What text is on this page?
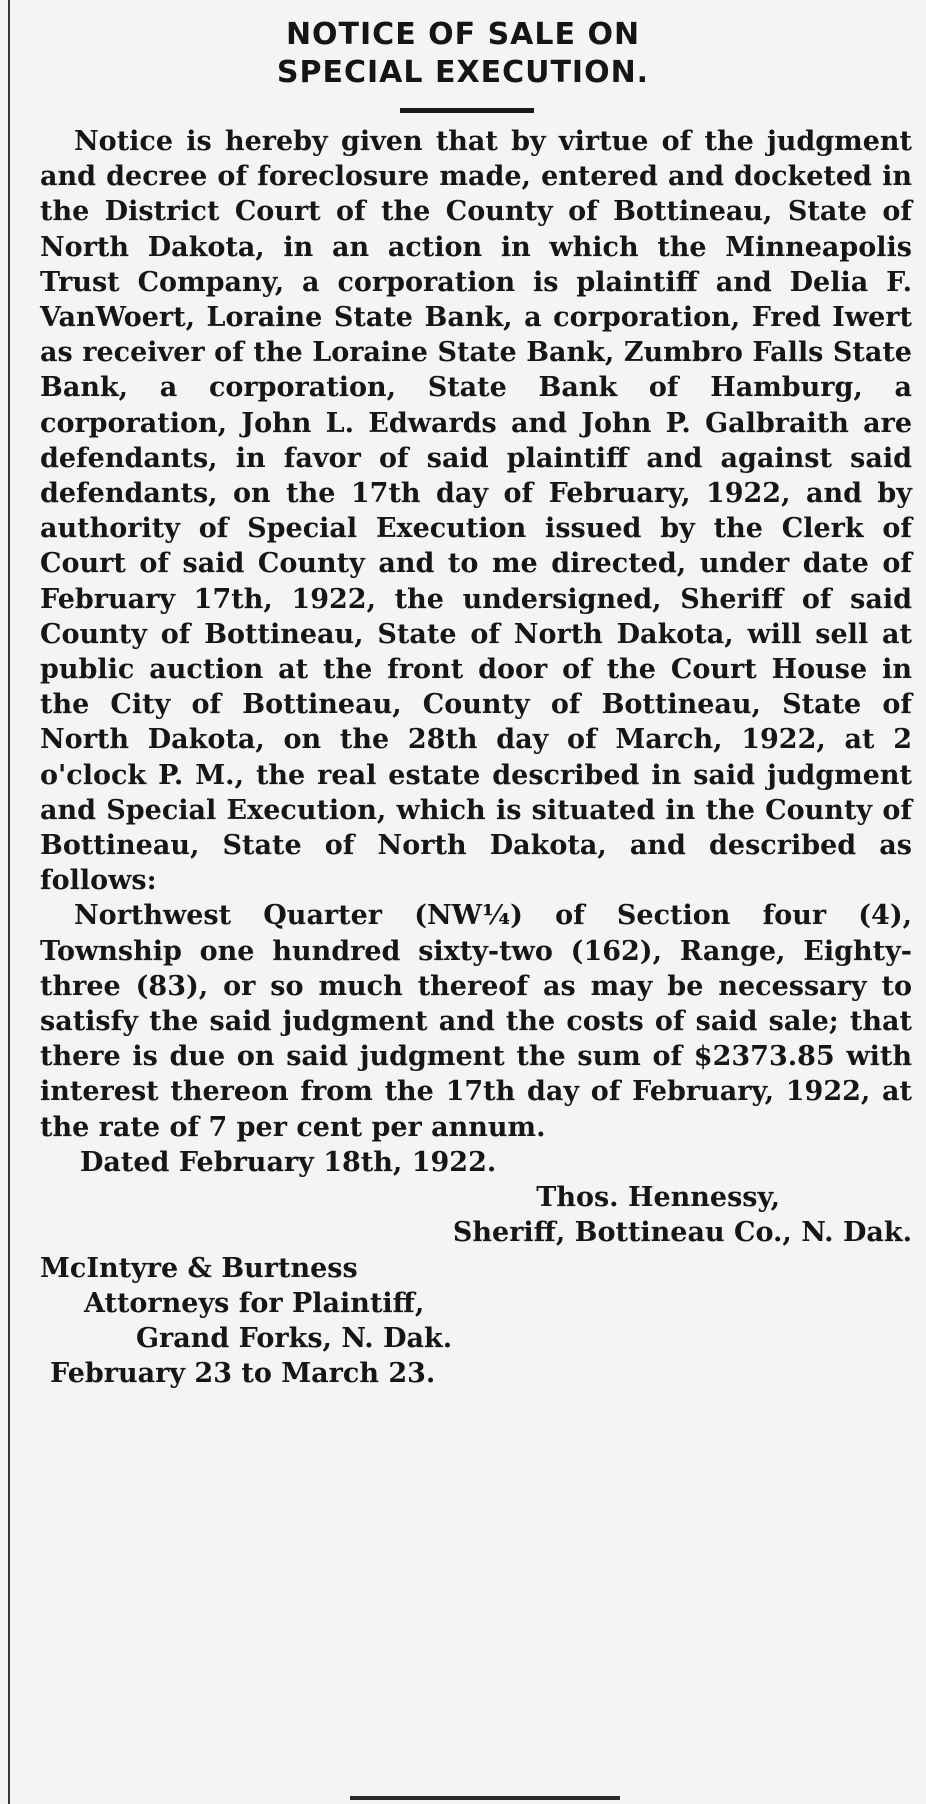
NOTICE OF SALE ON
SPECIAL EXECUTION.

Notice is hereby given that by virtue of the judgment and decree of foreclosure made, entered and docketed in the District Court of the County of Bottineau, State of North Dakota, in an action in which the Minneapolis Trust Company, a corporation is plaintiff and Delia F. VanWoert, Loraine State Bank, a corporation, Fred Iwert as receiver of the Loraine State Bank, Zumbro Falls State Bank, a corporation, State Bank of Hamburg, a corporation, John L. Edwards and John P. Galbraith are defendants, in favor of said plaintiff and against said defendants, on the 17th day of February, 1922, and by authority of Special Execution issued by the Clerk of Court of said County and to me directed, under date of February 17th, 1922, the undersigned, Sheriff of said County of Bottineau, State of North Dakota, will sell at public auction at the front door of the Court House in the City of Bottineau, County of Bottineau, State of North Dakota, on the 28th day of March, 1922, at 2 o'clock P. M., the real estate described in said judgment and Special Execution, which is situated in the County of Bottineau, State of North Dakota, and described as follows:

Northwest Quarter (NW¼) of Section four (4), Township one hundred sixty-two (162), Range, Eighty-three (83), or so much thereof as may be necessary to satisfy the said judgment and the costs of said sale; that there is due on said judgment the sum of $2373.85 with interest thereon from the 17th day of February, 1922, at the rate of 7 per cent per annum.

Dated February 18th, 1922.

Thos. Hennessy,

Sheriff, Bottineau Co., N. Dak.

McIntyre & Burtness

Attorneys for Plaintiff,

Grand Forks, N. Dak.

February 23 to March 23.
